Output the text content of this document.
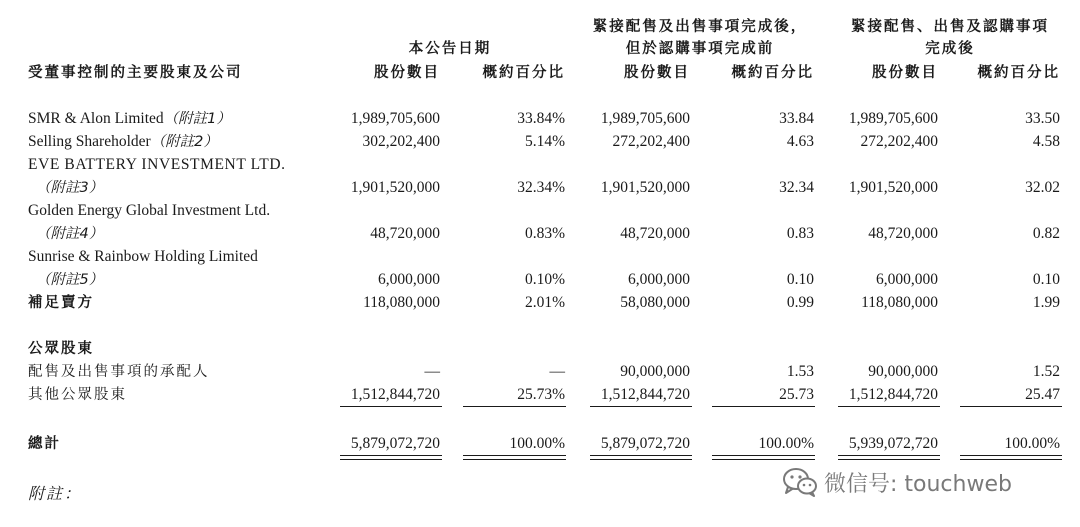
本公告日期
緊接配售及出售事項完成後，
但於認購事項完成前
緊接配售、出售及認購事項
完成後
受董事控制的主要股東及公司	股份數目	概約百分比	股份數目	概約百分比	股份數目	概約百分比
SMR & Alon Limited（附註1）	1,989,705,600	33.84%	1,989,705,600	33.84	1,989,705,600	33.50
Selling Shareholder（附註2）	302,202,400	5.14%	272,202,400	4.63	272,202,400	4.58
EVE BATTERY INVESTMENT LTD.
（附註3）	1,901,520,000	32.34%	1,901,520,000	32.34	1,901,520,000	32.02
Golden Energy Global Investment Ltd.
（附註4）	48,720,000	0.83%	48,720,000	0.83	48,720,000	0.82
Sunrise & Rainbow Holding Limited
（附註5）	6,000,000	0.10%	6,000,000	0.10	6,000,000	0.10
補足賣方	118,080,000	2.01%	58,080,000	0.99	118,080,000	1.99
公眾股東
配售及出售事項的承配人	—	—	90,000,000	1.53	90,000,000	1.52
其他公眾股東	1,512,844,720	25.73%	1,512,844,720	25.73	1,512,844,720	25.47
總計	5,879,072,720	100.00%	5,879,072,720	100.00%	5,939,072,720	100.00%
附註：	微信号: touchweb
